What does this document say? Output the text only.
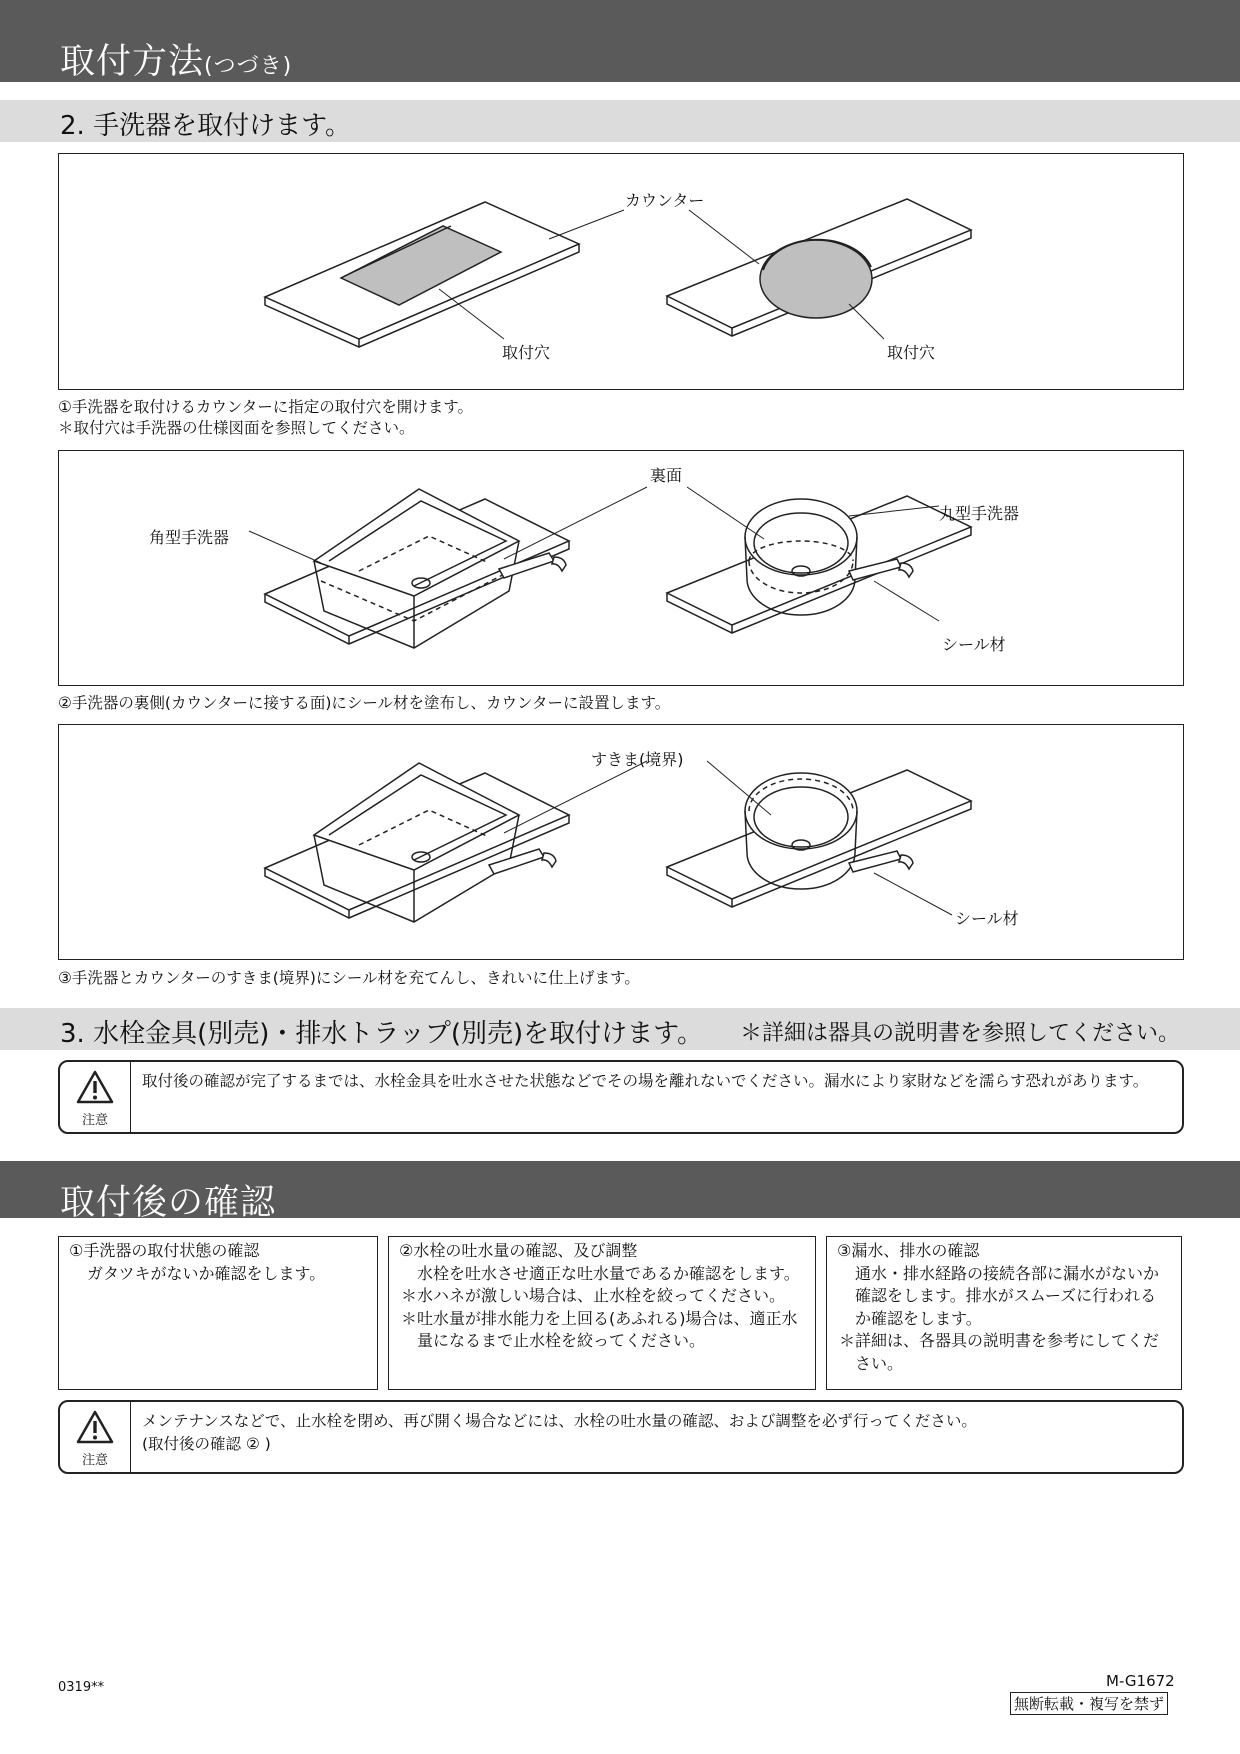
取付方法(つづき)
2. 手洗器を取付けます。
カウンター
取付穴	取付穴
①手洗器を取付けるカウンターに指定の取付穴を開けます。
＊取付穴は手洗器の仕様図面を参照してください。
裏面
角型手洗器
丸型手洗器
シール材
②手洗器の裏側(カウンターに接する面)にシール材を塗布し、カウンターに設置します。
すきま(境界)
シール材
③手洗器とカウンターのすきま(境界)にシール材を充てんし、きれいに仕上げます。
3. 水栓金具(別売)・排水トラップ(別売)を取付けます。 ＊詳細は器具の説明書を参照してください。
注意
取付後の確認が完了するまでは、水栓金具を吐水させた状態などでその場を離れないでください。漏水により家財などを濡らす恐れがあります。
取付後の確認

①手洗器の取付状態の確認

ガタツキがないか確認をします。

②水栓の吐水量の確認、及び調整

水栓を吐水させ適正な吐水量であるか確認をします。

＊水ハネが激しい場合は、止水栓を絞ってください。

＊吐水量が排水能力を上回る(あふれる)場合は、適正水量になるまで止水栓を絞ってください。

③漏水、排水の確認

通水・排水経路の接続各部に漏水がないか確認をします。排水がスムーズに行われるか確認をします。

＊詳細は、各器具の説明書を参考にしてください。

注意
メンテナンスなどで、止水栓を閉め、再び開く場合などには、水栓の吐水量の確認、および調整を必ず行ってください。
(取付後の確認 ② )
0319**	M-G1672
無断転載・複写を禁ず
